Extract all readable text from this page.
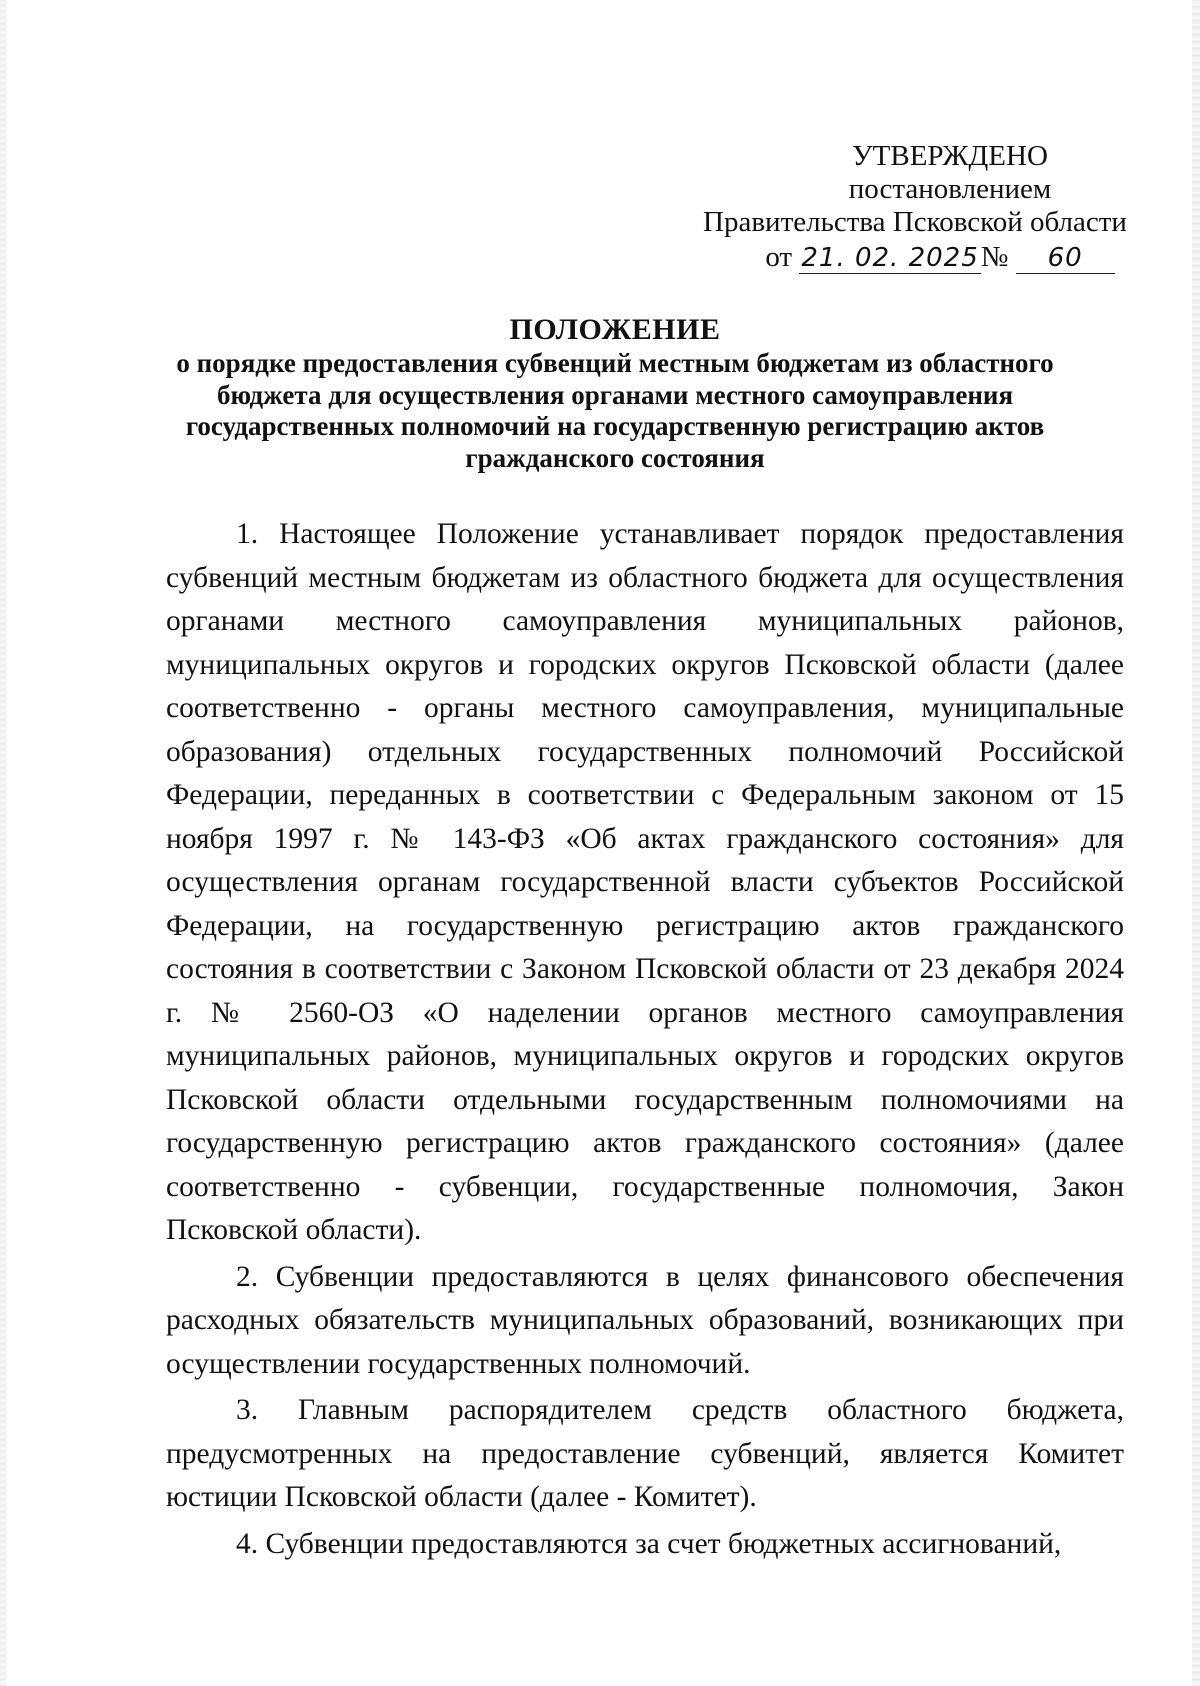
УТВЕРЖДЕНО
постановлением
Правительства Псковской области
от 21. 02. 2025№ 60
ПОЛОЖЕНИЕ
о порядке предоставления субвенций местным бюджетам из областного бюджета для осуществления органами местного самоуправления государственных полномочий на государственную регистрацию актов гражданского состояния

1. Настоящее Положение устанавливает порядок предоставления субвенций местным бюджетам из областного бюджета для осуществления органами местного самоуправления муниципальных районов, муниципальных округов и городских округов Псковской области (далее соответственно - органы местного самоуправления, муниципальные образования) отдельных государственных полномочий Российской Федерации, переданных в соответствии с Федеральным законом от 15 ноября 1997 г. № 143-ФЗ «Об актах гражданского состояния» для осуществления органам государственной власти субъектов Российской Федерации, на государственную регистрацию актов гражданского состояния в соответствии с Законом Псковской области от 23 декабря 2024 г. № 2560-ОЗ «О наделении органов местного самоуправления муниципальных районов, муниципальных округов и городских округов Псковской области отдельными государственным полномочиями на государственную регистрацию актов гражданского состояния» (далее соответственно - субвенции, государственные полномочия, Закон Псковской области).

2. Субвенции предоставляются в целях финансового обеспечения расходных обязательств муниципальных образований, возникающих при осуществлении государственных полномочий.

3. Главным распорядителем средств областного бюджета, предусмотренных на предоставление субвенций, является Комитет юстиции Псковской области (далее - Комитет).

4. Субвенции предоставляются за счет бюджетных ассигнований,
